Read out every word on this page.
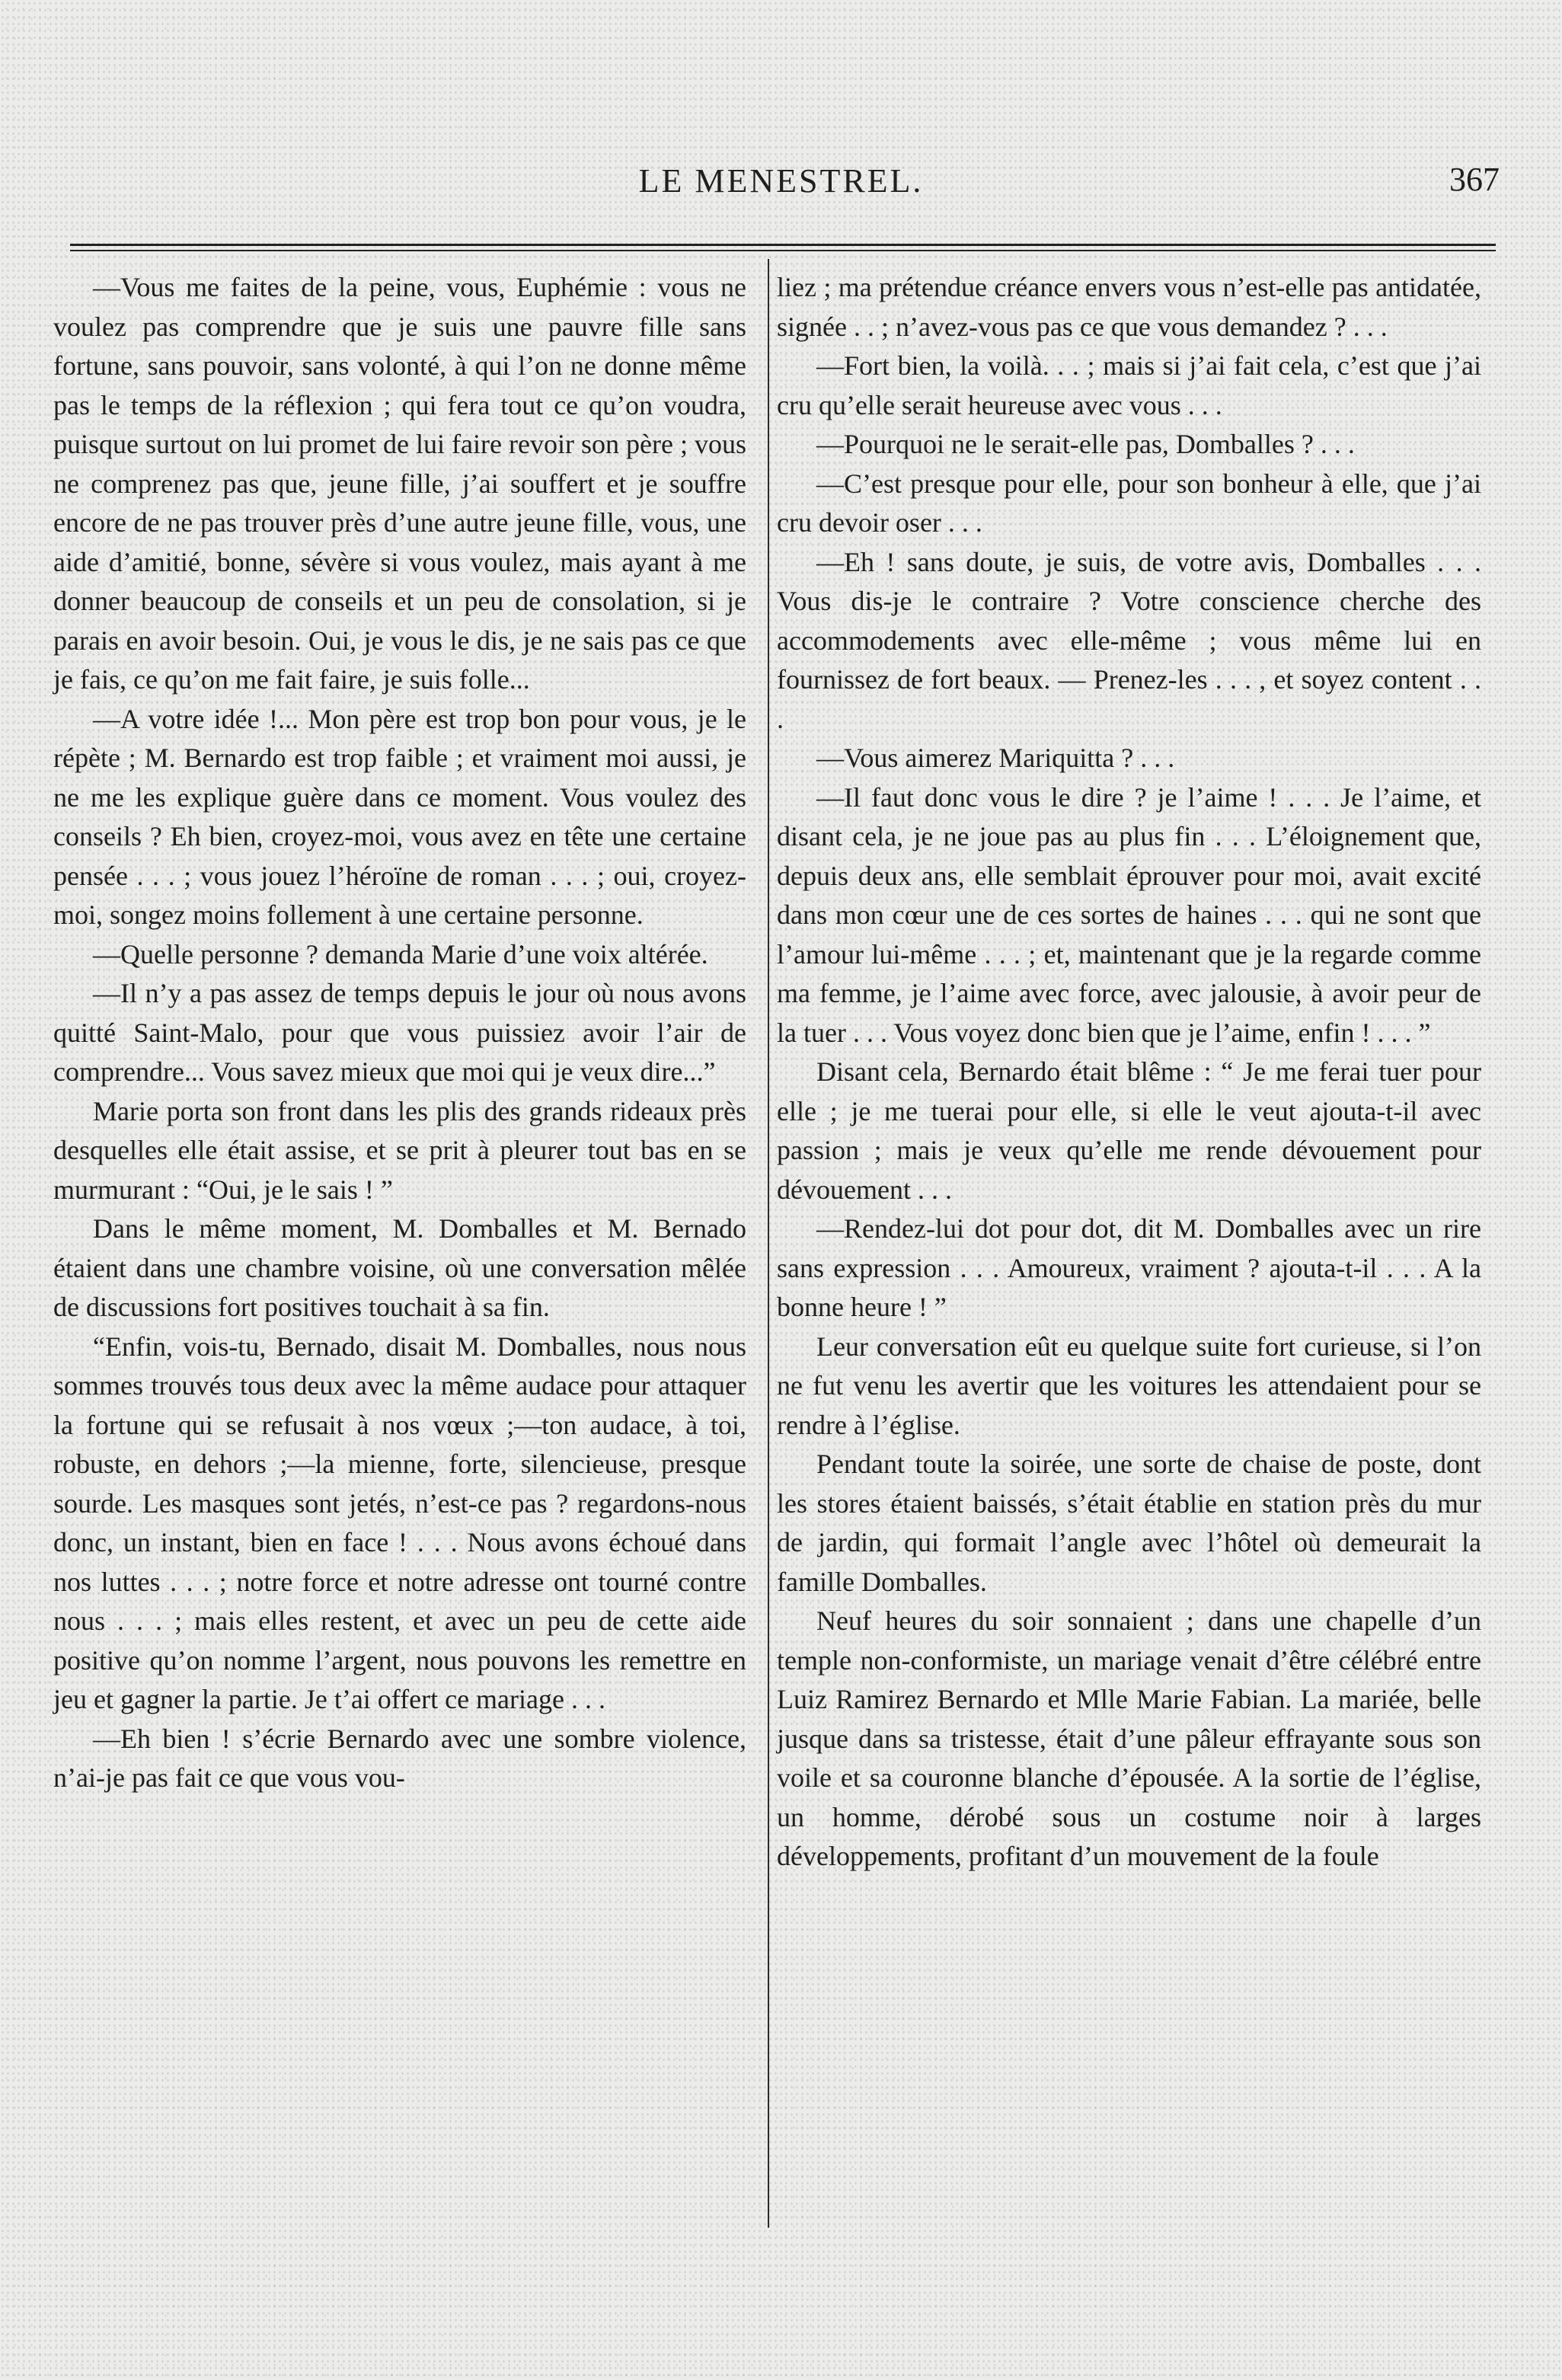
LE MENESTREL.	367

—Vous me faites de la peine, vous, Euphémie : vous ne voulez pas comprendre que je suis une pauvre fille sans fortune, sans pouvoir, sans volonté, à qui l’on ne donne même pas le temps de la réflexion ; qui fera tout ce qu’on voudra, puisque surtout on lui promet de lui faire revoir son père ; vous ne comprenez pas que, jeune fille, j’ai souffert et je souffre encore de ne pas trouver près d’une autre jeune fille, vous, une aide d’amitié, bonne, sévère si vous voulez, mais ayant à me donner beaucoup de conseils et un peu de consolation, si je parais en avoir besoin. Oui, je vous le dis, je ne sais pas ce que je fais, ce qu’on me fait faire, je suis folle...

—A votre idée !... Mon père est trop bon pour vous, je le répète ; M. Bernardo est trop faible ; et vraiment moi aussi, je ne me les explique guère dans ce moment. Vous voulez des conseils ? Eh bien, croyez-moi, vous avez en tête une certaine pensée . . . ; vous jouez l’héroïne de roman . . . ; oui, croyez-moi, songez moins follement à une certaine personne.

—Quelle personne ? demanda Marie d’une voix altérée.

—Il n’y a pas assez de temps depuis le jour où nous avons quitté Saint-Malo, pour que vous puissiez avoir l’air de comprendre... Vous savez mieux que moi qui je veux dire...”

Marie porta son front dans les plis des grands rideaux près desquelles elle était assise, et se prit à pleurer tout bas en se murmurant : “Oui, je le sais ! ”

Dans le même moment, M. Domballes et M. Bernado étaient dans une chambre voisine, où une conversation mêlée de discussions fort positives touchait à sa fin.

“Enfin, vois-tu, Bernado, disait M. Domballes, nous nous sommes trouvés tous deux avec la même audace pour attaquer la fortune qui se refusait à nos vœux ;—ton audace, à toi, robuste, en dehors ;—la mienne, forte, silencieuse, presque sourde. Les masques sont jetés, n’est-ce pas ? regardons-nous donc, un instant, bien en face ! . . . Nous avons échoué dans nos luttes . . . ; notre force et notre adresse ont tourné contre nous . . . ; mais elles restent, et avec un peu de cette aide positive qu’on nomme l’argent, nous pouvons les remettre en jeu et gagner la partie. Je t’ai offert ce mariage . . .

—Eh bien ! s’écrie Bernardo avec une sombre violence, n’ai-je pas fait ce que vous vou-

liez ; ma prétendue créance envers vous n’est-elle pas antidatée, signée . . ; n’avez-vous pas ce que vous demandez ? . . .

—Fort bien, la voilà. . . ; mais si j’ai fait cela, c’est que j’ai cru qu’elle serait heureuse avec vous . . .

—Pourquoi ne le serait-elle pas, Domballes ? . . .

—C’est presque pour elle, pour son bonheur à elle, que j’ai cru devoir oser . . .

—Eh ! sans doute, je suis, de votre avis, Domballes . . . Vous dis-je le contraire ? Votre conscience cherche des accommodements avec elle-même ; vous même lui en fournissez de fort beaux. — Prenez-les . . . , et soyez content . . .

—Vous aimerez Mariquitta ? . . .

—Il faut donc vous le dire ? je l’aime ! . . . Je l’aime, et disant cela, je ne joue pas au plus fin . . . L’éloignement que, depuis deux ans, elle semblait éprouver pour moi, avait excité dans mon cœur une de ces sortes de haines . . . qui ne sont que l’amour lui-même . . . ; et, maintenant que je la regarde comme ma femme, je l’aime avec force, avec jalousie, à avoir peur de la tuer . . . Vous voyez donc bien que je l’aime, enfin ! . . . ”

Disant cela, Bernardo était blême : “ Je me ferai tuer pour elle ; je me tuerai pour elle, si elle le veut ajouta-t-il avec passion ; mais je veux qu’elle me rende dévouement pour dévouement . . .

—Rendez-lui dot pour dot, dit M. Domballes avec un rire sans expression . . . Amoureux, vraiment ? ajouta-t-il . . . A la bonne heure ! ”

Leur conversation eût eu quelque suite fort curieuse, si l’on ne fut venu les avertir que les voitures les attendaient pour se rendre à l’église.

Pendant toute la soirée, une sorte de chaise de poste, dont les stores étaient baissés, s’était établie en station près du mur de jardin, qui formait l’angle avec l’hôtel où demeurait la famille Domballes.

Neuf heures du soir sonnaient ; dans une chapelle d’un temple non-conformiste, un mariage venait d’être célébré entre Luiz Ramirez Bernardo et Mlle Marie Fabian. La mariée, belle jusque dans sa tristesse, était d’une pâleur effrayante sous son voile et sa couronne blanche d’épousée. A la sortie de l’église, un homme, dérobé sous un costume noir à larges développements, profitant d’un mouvement de la foule
